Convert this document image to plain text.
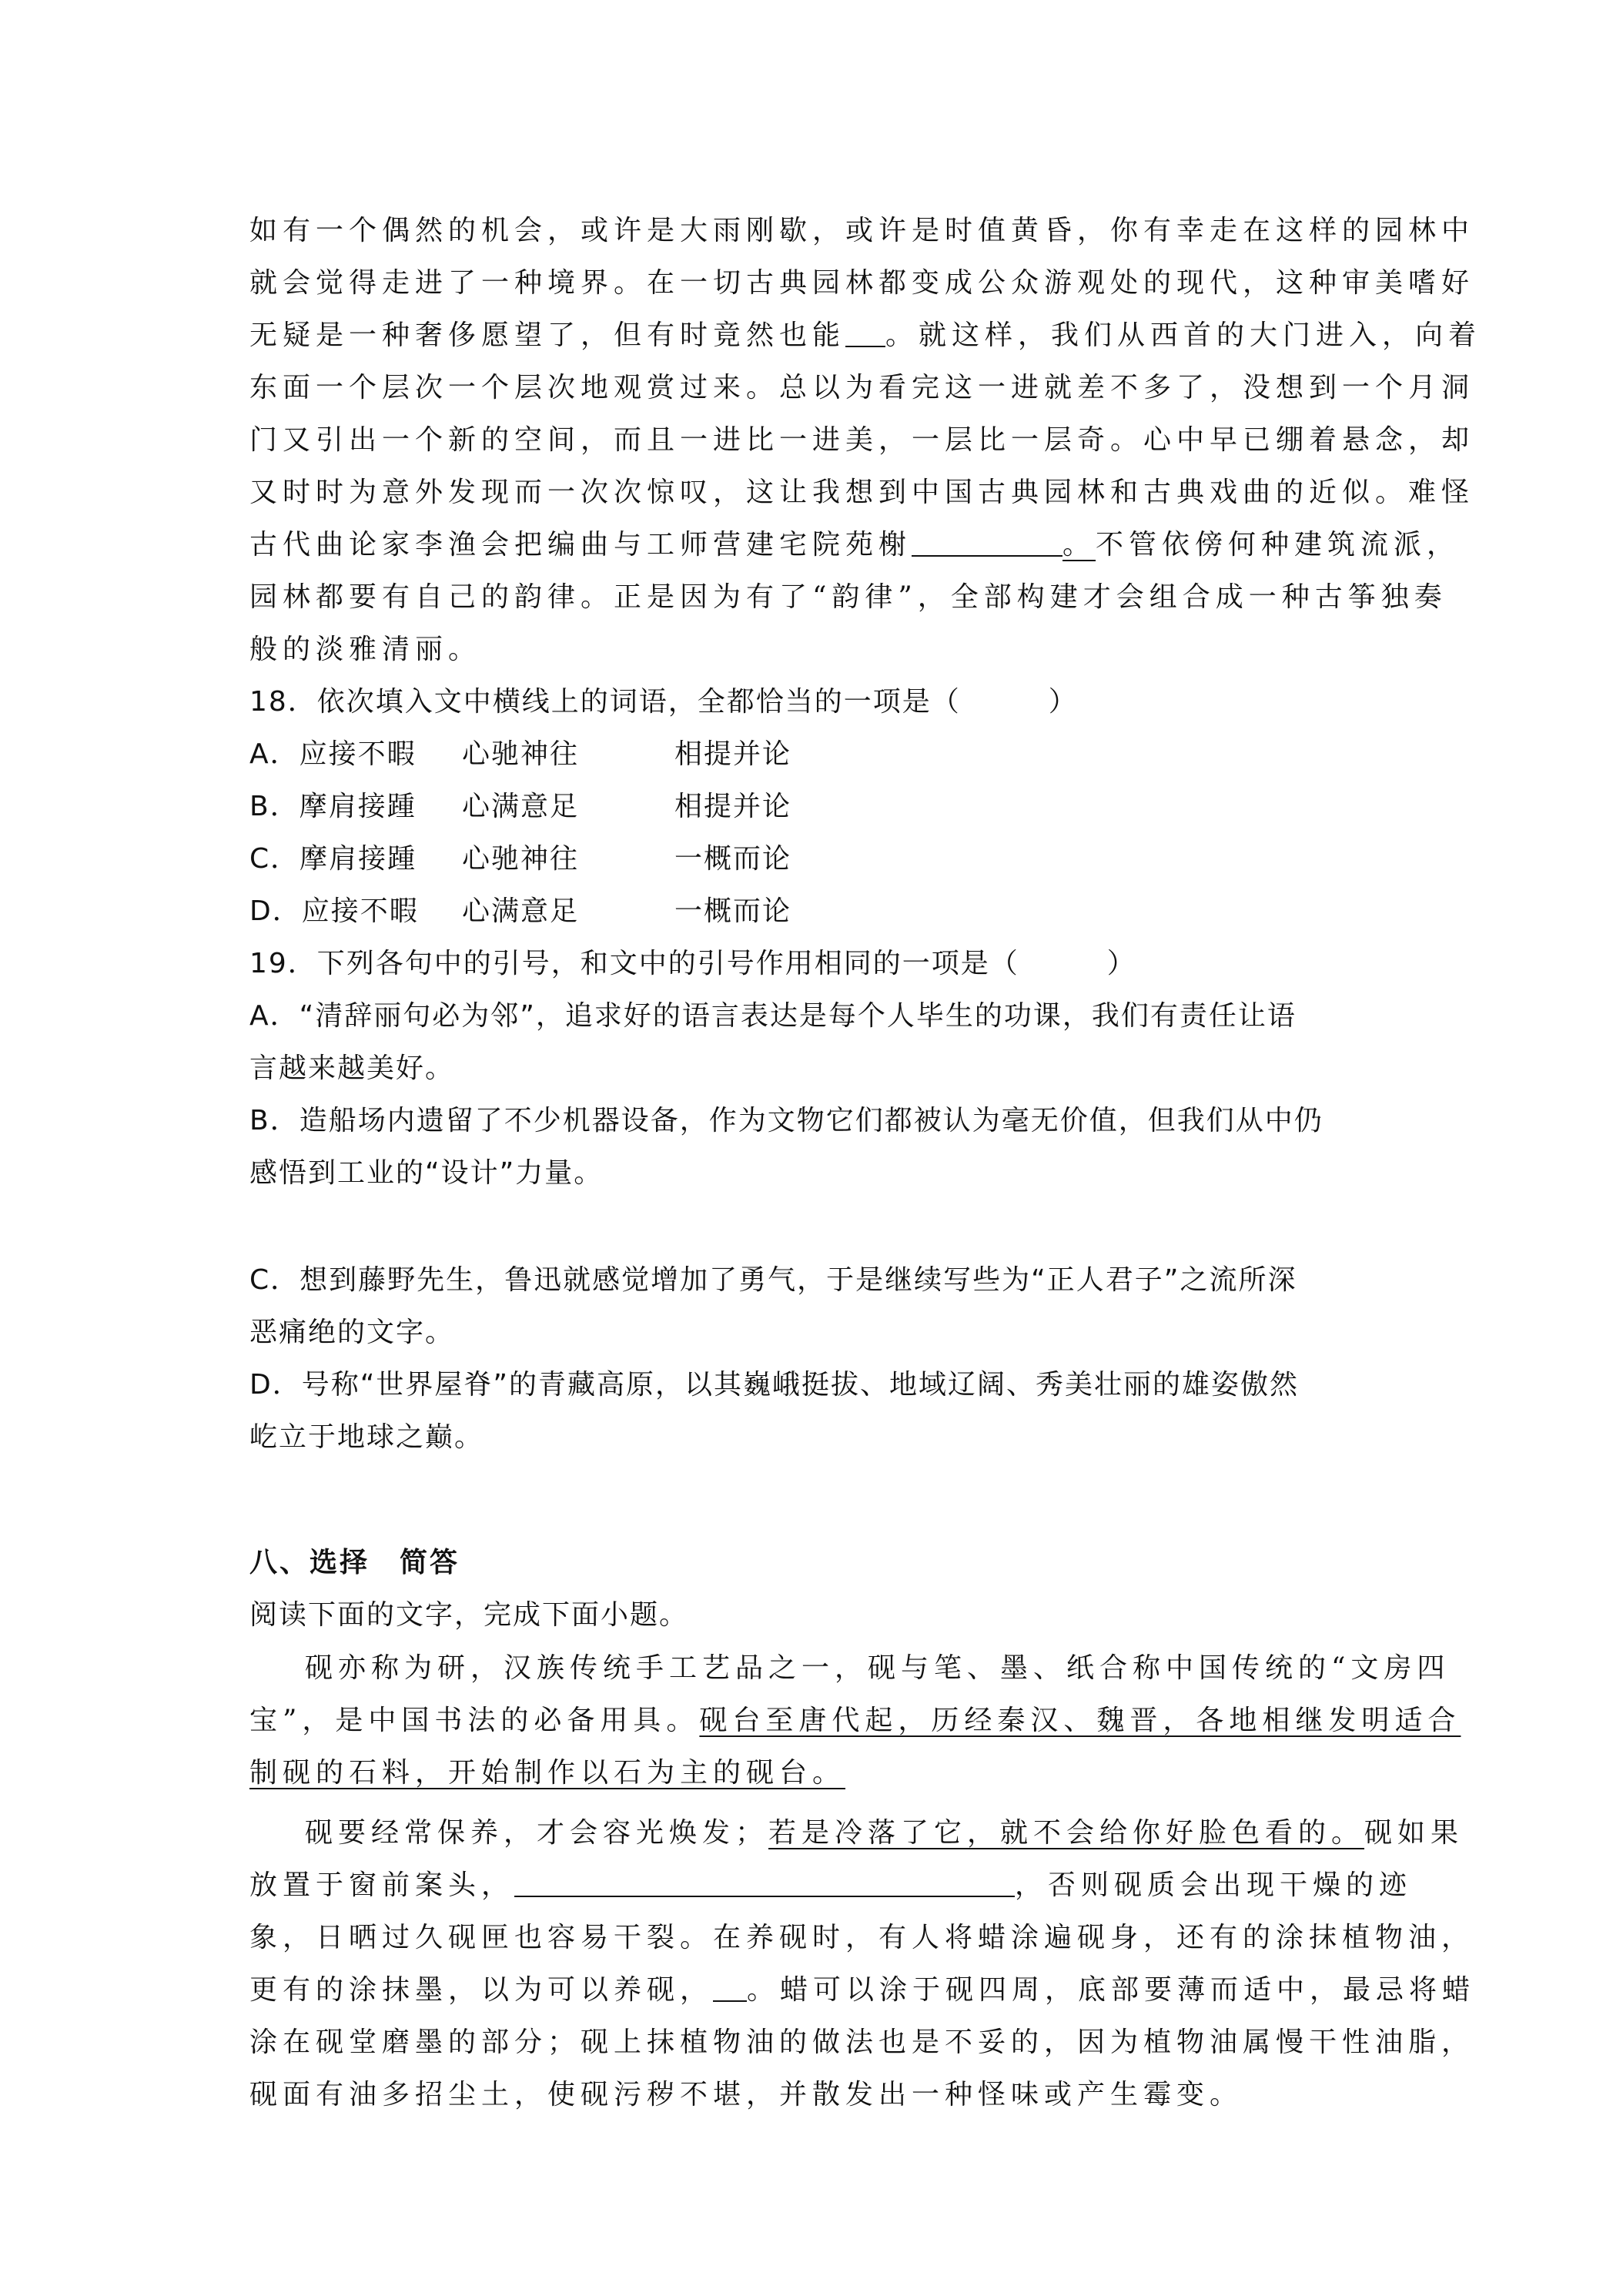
如有一个偶然的机会，或许是大雨刚歇，或许是时值黄昏，你有幸走在这样的园林中
就会觉得走进了一种境界。在一切古典园林都变成公众游观处的现代，这种审美嗜好
无疑是一种奢侈愿望了，但有时竟然也能 。就这样，我们从西首的大门进入，向着
东面一个层次一个层次地观赏过来。总以为看完这一进就差不多了，没想到一个月洞
门又引出一个新的空间，而且一进比一进美，一层比一层奇。心中早已绷着悬念，却
又时时为意外发现而一次次惊叹，这让我想到中国古典园林和古典戏曲的近似。难怪
古代曲论家李渔会把编曲与工师营建宅院苑榭	。不管依傍何种建筑流派，
园林都要有自己的韵律。正是因为有了“韵律”，全部构建才会组合成一种古筝独奏
般的淡雅清丽。
18．依次填入文中横线上的词语，全都恰当的一项是（　　　）
A．应接不暇 心驰神往	相提并论
B．摩肩接踵 心满意足	相提并论
C．摩肩接踵 心驰神往	一概而论
D．应接不暇 心满意足	一概而论
19．下列各句中的引号，和文中的引号作用相同的一项是（　　　）
A．“清辞丽句必为邻”，追求好的语言表达是每个人毕生的功课，我们有责任让语
言越来越美好。
B．造船场内遗留了不少机器设备，作为文物它们都被认为毫无价值，但我们从中仍
感悟到工业的“设计”力量。
C．想到藤野先生，鲁迅就感觉增加了勇气，于是继续写些为“正人君子”之流所深
恶痛绝的文字。
D．号称“世界屋脊”的青藏高原，以其巍峨挺拔、地域辽阔、秀美壮丽的雄姿傲然
屹立于地球之巅。
八、选择　简答
阅读下面的文字，完成下面小题。
砚亦称为研，汉族传统手工艺品之一，砚与笔、墨、纸合称中国传统的“文房四
宝”，是中国书法的必备用具。砚台至唐代起，历经秦汉、魏晋，各地相继发明适合
制砚的石料，开始制作以石为主的砚台。
砚要经常保养，才会容光焕发；若是冷落了它，就不会给你好脸色看的。砚如果
放置于窗前案头，	，否则砚质会出现干燥的迹
象，日晒过久砚匣也容易干裂。在养砚时，有人将蜡涂遍砚身，还有的涂抹植物油，
更有的涂抹墨，以为可以养砚， 。蜡可以涂于砚四周，底部要薄而适中，最忌将蜡
涂在砚堂磨墨的部分；砚上抹植物油的做法也是不妥的，因为植物油属慢干性油脂，
砚面有油多招尘土，使砚污秽不堪，并散发出一种怪味或产生霉变。
